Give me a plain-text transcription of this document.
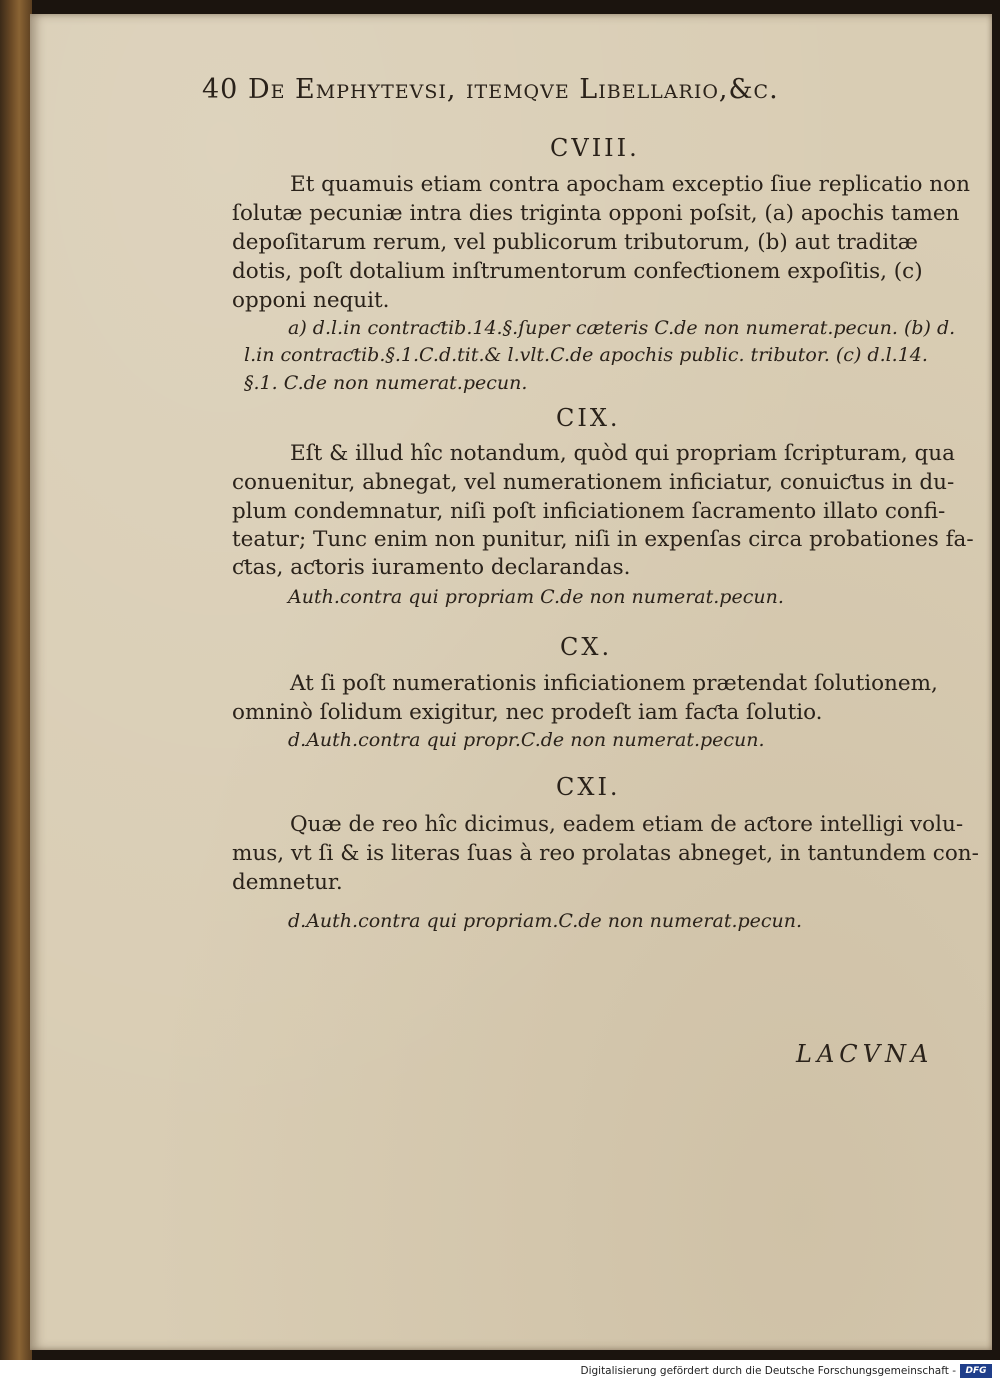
40 De Emphytevsi, itemqve Libellario,&c.
CVIII.
Et quamuis etiam contra apocham exceptio ſiue replicatio non
ſolutæ pecuniæ intra dies triginta opponi poſsit, (a) apochis tamen
depoſitarum rerum, vel publicorum tributorum, (b) aut traditæ
dotis, poſt dotalium inſtrumentorum confeƈtionem expoſitis, (c)
opponi nequit.
a) d.l.in contraƈtib.14.§.ſuper cæteris C.de non numerat.pecun. (b) d.
l.in contraƈtib.§.1.C.d.tit.& l.vlt.C.de apochis public. tributor. (c) d.l.14.
§.1. C.de non numerat.pecun.
CIX.
Eſt & illud hîc notandum, quòd qui propriam ſcripturam, qua
conuenitur, abnegat, vel numerationem inficiatur, conuiƈtus in du-
plum condemnatur, niſi poſt inficiationem ſacramento illato confi-
teatur; Tunc enim non punitur, niſi in expenſas circa probationes fa-
ƈtas, aƈtoris iuramento declarandas.
Auth.contra qui propriam C.de non numerat.pecun.
CX.
At ſi poſt numerationis inficiationem prætendat ſolutionem,
omninò ſolidum exigitur, nec prodeſt iam faƈta ſolutio.
d.Auth.contra qui propr.C.de non numerat.pecun.
CXI.
Quæ de reo hîc dicimus, eadem etiam de aƈtore intelligi volu-
mus, vt ſi & is literas ſuas à reo prolatas abneget, in tantundem con-
demnetur.
d.Auth.contra qui propriam.C.de non numerat.pecun.
LACVNA
Digitalisierung gefördert durch die Deutsche Forschungsgemeinschaft -	DFG
